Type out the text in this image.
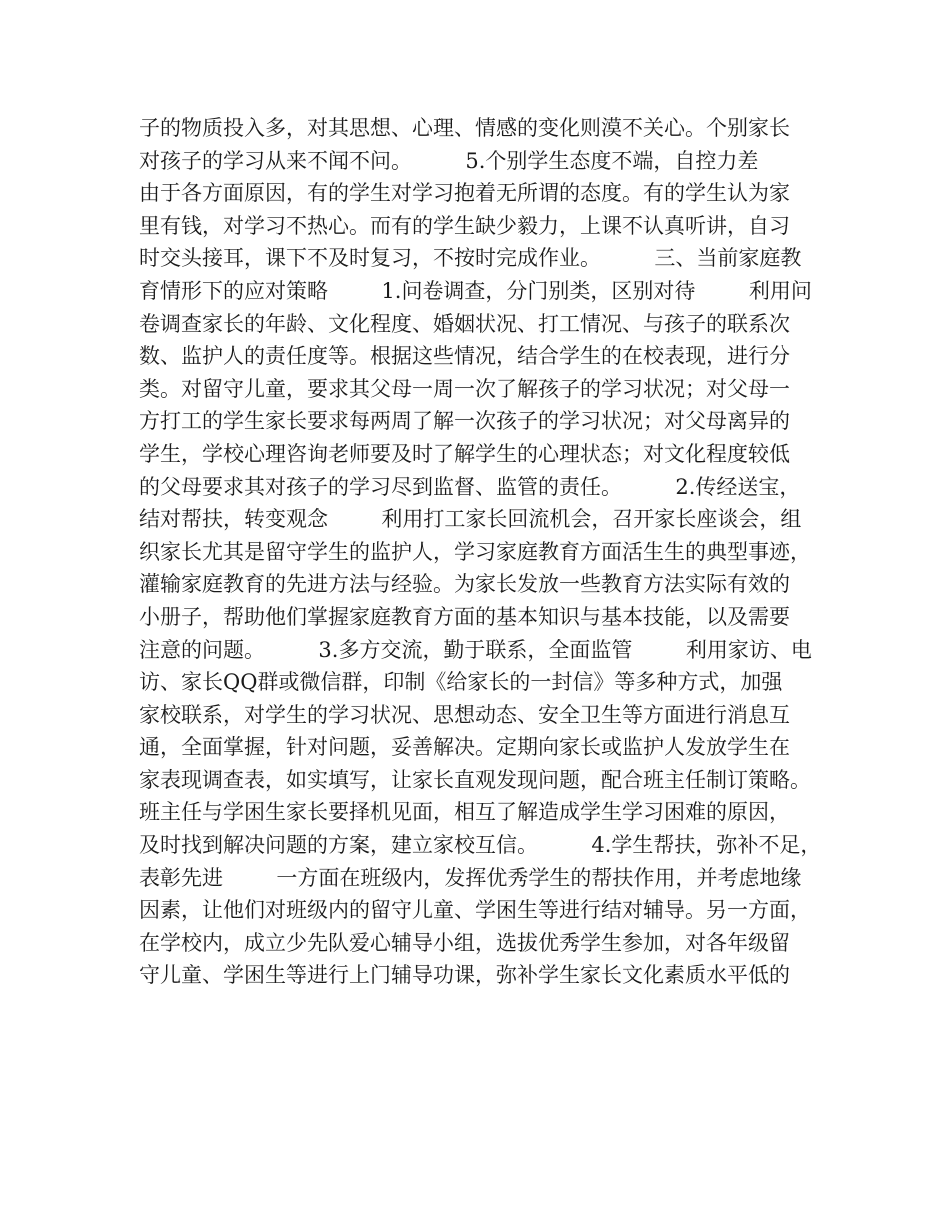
子的物质投入多，对其思想、心理、情感的变化则漠不关心。个别家长
对孩子的学习从来不闻不问。        5.个别学生态度不端，自控力差
由于各方面原因，有的学生对学习抱着无所谓的态度。有的学生认为家
里有钱，对学习不热心。而有的学生缺少毅力，上课不认真听讲，自习
时交头接耳，课下不及时复习，不按时完成作业。        三、当前家庭教
育情形下的应对策略        1.问卷调查，分门别类，区别对待        利用问
卷调查家长的年龄、文化程度、婚姻状况、打工情况、与孩子的联系次
数、监护人的责任度等。根据这些情况，结合学生的在校表现，进行分
类。对留守儿童，要求其父母一周一次了解孩子的学习状况；对父母一
方打工的学生家长要求每两周了解一次孩子的学习状况；对父母离异的
学生，学校心理咨询老师要及时了解学生的心理状态；对文化程度较低
的父母要求其对孩子的学习尽到监督、监管的责任。        2.传经送宝，
结对帮扶，转变观念        利用打工家长回流机会，召开家长座谈会，组
织家长尤其是留守学生的监护人，学习家庭教育方面活生生的典型事迹，
灌输家庭教育的先进方法与经验。为家长发放一些教育方法实际有效的
小册子，帮助他们掌握家庭教育方面的基本知识与基本技能，以及需要
注意的问题。        3.多方交流，勤于联系，全面监管        利用家访、电
访、家长QQ群或微信群，印制《给家长的一封信》等多种方式，加强
家校联系，对学生的学习状况、思想动态、安全卫生等方面进行消息互
通，全面掌握，针对问题，妥善解决。定期向家长或监护人发放学生在
家表现调查表，如实填写，让家长直观发现问题，配合班主任制订策略。
班主任与学困生家长要择机见面，相互了解造成学生学习困难的原因，
及时找到解决问题的方案，建立家校互信。        4.学生帮扶，弥补不足，
表彰先进        一方面在班级内，发挥优秀学生的帮扶作用，并考虑地缘
因素，让他们对班级内的留守儿童、学困生等进行结对辅导。另一方面，
在学校内，成立少先队爱心辅导小组，选拔优秀学生参加，对各年级留
守儿童、学困生等进行上门辅导功课，弥补学生家长文化素质水平低的
